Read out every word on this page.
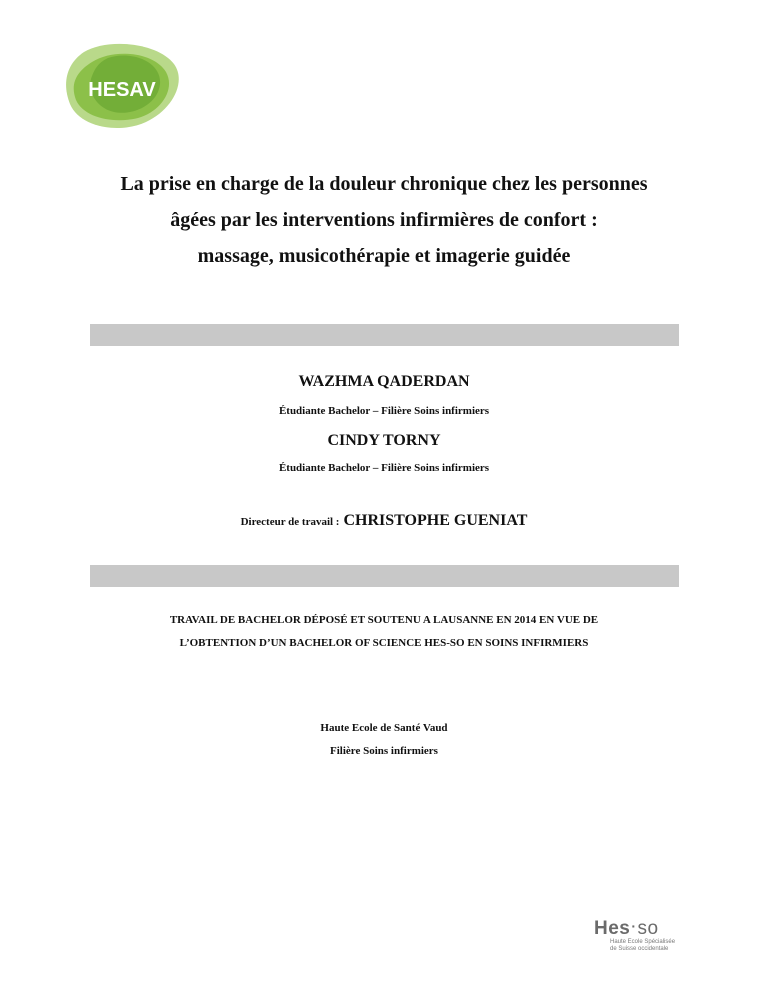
HESAV
La prise en charge de la douleur chronique chez les personnes
âgées par les interventions infirmières de confort :
massage, musicothérapie et imagerie guidée
WAZHMA QADERDAN
Étudiante Bachelor – Filière Soins infirmiers
CINDY TORNY
Étudiante Bachelor – Filière Soins infirmiers
Directeur de travail : CHRISTOPHE GUENIAT
TRAVAIL DE BACHELOR DÉPOSÉ ET SOUTENU A LAUSANNE EN 2014 EN VUE DE
L’OBTENTION D’UN BACHELOR OF SCIENCE HES-SO EN SOINS INFIRMIERS
Haute Ecole de Santé Vaud
Filière Soins infirmiers
Hes·so
Haute Ecole Spécialisée
de Suisse occidentale
